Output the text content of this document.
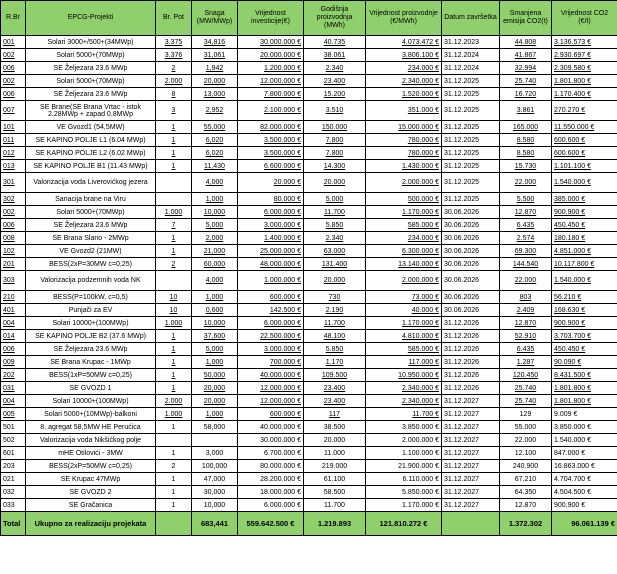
R.Br	EPCG-Projekti	Br. Pot	Snaga (MW/MWp)	Vrijednost investicije(€)	Godišnja proizvodnja (MWh)	Vrijednost proizvodnje (€/MWh)	Datum završetka	Smanjena emisija CO2(t)	Vrijednost CO2 (€/t)
001	Solari 3000+/500+(34MWp)	3.375	34,816	30.000.000 €	40.735	4.073.472 €	31.12.2023	44.808	3.136.573 €
002	Solari 5000+(70MWp)	3.376	31,061	20.000.000 €	38.061	3.806.100 €	31.12.2024	41.867	2.930.697 €
006	SE Željezara 23.6 MWp	2	1,942	1.200.000 €	2.340	234.000 €	31.12.2024	32.994	2.309.580 €
002	Solari 5000+(70MWp)	2.000	20,000	12.000.000 €	23.400	2.340.000 €	31.12.2025	25.740	1.801.800 €
006	SE Željezara 23.6 MWp	8	13,000	7.800.000 €	15.200	1.520.000 €	31.12.2025	16.720	1.170.400 €
007	SE Brane(SE Brana Vrtac - istok 2.28MWp + zapad 0.8MWp	3	2,952	2.100.000 €	3.510	351.000 €	31.12.2025	3.861	270.270 €
101	VE Gvozd1 (54,5MW)	1	55,000	82.000.000 €	150.000	15.000.000 €	31.12.2025	165.000	11.550.000 €
011	SE KAPINO POLJE L1 (6.04 MWp)	1	6,020	3.500.000 €	7.800	780.000 €	31.12.2025	8.580	600.600 €
012	SE KAPINO POLJE L2 (6.02 MWp)	1	6,020	3.500.000 €	7.800	780.000 €	31.12.2025	8.580	600.600 €
013	SE KAPINO POLJE B1 (11.43 MWp)	1	11,430	6.600.000 €	14.300	1.430.000 €	31.12.2025	15.730	1.101.100 €
301	Valorizacija voda Liverovićkog jezera		4,000	20.000 €	20.000	2.000.000 €	31.12.2025	22.000	1.540.000 €
302	Sanacija brane na Viru		1,000	80.000 €	5.000	500.000 €	31.12.2025	5.500	385.000 €
002	Solari 5000+(70MWp)	1.000	10,000	6.000.000 €	11.700	1.170.000 €	30.06.2026	12.870	900.900 €
006	SE Željezara 23.6 MWp	7	5,000	3.000.000 €	5.850	585.000 €	30.06.2026	6.435	450.450 €
008	SE Brana Slano - 2MWp	1	2,000	1.400.000 €	2.340	234.000 €	30.06.2026	2.574	180.180 €
102	VE Gvozd2 (21MW)	1	21,000	25.000.000 €	63.000	6.300.000 €	30.06.2026	69.300	4.851.000 €
201	BESS(2xP=30MW c=0,25)	2	60,000	48.000.000 €	131.400	13.140.000 €	30.06.2026	144.540	10.117.800 €
303	Valorizacija podzemnih voda NK		4,000	1.000.000 €	20.000	2.000.000 €	30.06.2026	22.000	1.540.000 €
210	BESS(P=100kW, c=0,5)	10	1,000	600.000 €	730	73.000 €	30.06.2026	803	56.210 €
401	Punjači za EV	10	0,600	142.500 €	2.190	40.000 €	30.06.2026	2.409	168.630 €
004	Solari 10000+(100MWp)	1.000	10,000	6.000.000 €	11.700	1.170.000 €	31.12.2026	12.870	900.900 €
014	SE KAPINO POLJE B2 (37.6 MWp)	1	37,600	22.500.000 €	48.100	4.810.000 €	31.12.2026	52.910	3.703.700 €
006	SE Željezara 23.6 MWp	1	5,000	3.000.000 €	5.850	585.000 €	31.12.2026	6.435	450.450 €
009	SE Brana Krupac - 1MWp	1	1,000	700.000 €	1.170	117.000 €	31.12.2026	1.287	90.090 €
202	BESS(1xP=50MW c=0,25)	1	50,000	40.000.000 €	109.500	10.950.000 €	31.12.2026	120.450	8.431.500 €
031	SE GVOZD 1	1	20,000	12.000.000 €	23.400	2.340.000 €	31.12.2026	25.740	1.801.800 €
004	Solari 10000+(100MWp)	2.000	20,000	12.000.000 €	23.400	2.340.000 €	31.12.2027	25.740	1.801.800 €
005	Solari 5000+(10MWp)-balkoni	1.000	1,000	600.000 €	117	11.700 €	31.12.2027	129	9.009 €
501	8. agregat 58,5MW HE Perućica	1	58,000	40.000.000 €	38.500	3.850.000 €	31.12.2027	55.000	3.850.000 €
502	Valorizacija voda Nikšićkog polje			30.000.000 €	20.000	2.000.000 €	31.12.2027	22.000	1.540.000 €
601	mHE Otilovići - 3MW	1	3,000	6.700.000 €	11.000	1.100.000 €	31.12.2027	12.100	847.000 €
203	BESS(2xP=50MW c=0,25)	2	100,000	80.000.000 €	219.000	21.900.000 €	31.12.2027	240.900	16.863.000 €
021	SE Krupac 47MWp	1	47,000	28.200.000 €	61.100	6.110.000 €	31.12.2027	67.210	4.704.700 €
032	SE GVOZD 2	1	30,000	18.000.000 €	58.500	5.850.000 €	31.12.2027	64.350	4.504.500 €
033	SE Gračanica	1	10,000	6.000.000 €	11.700	1.170.000 €	31.12.2027	12.870	900.900 €
Total	Ukupno za realizaciju projekata		683,441	559.642.500 €	1.219.893	121.810.272 €		1.372.302	96.061.139 €
